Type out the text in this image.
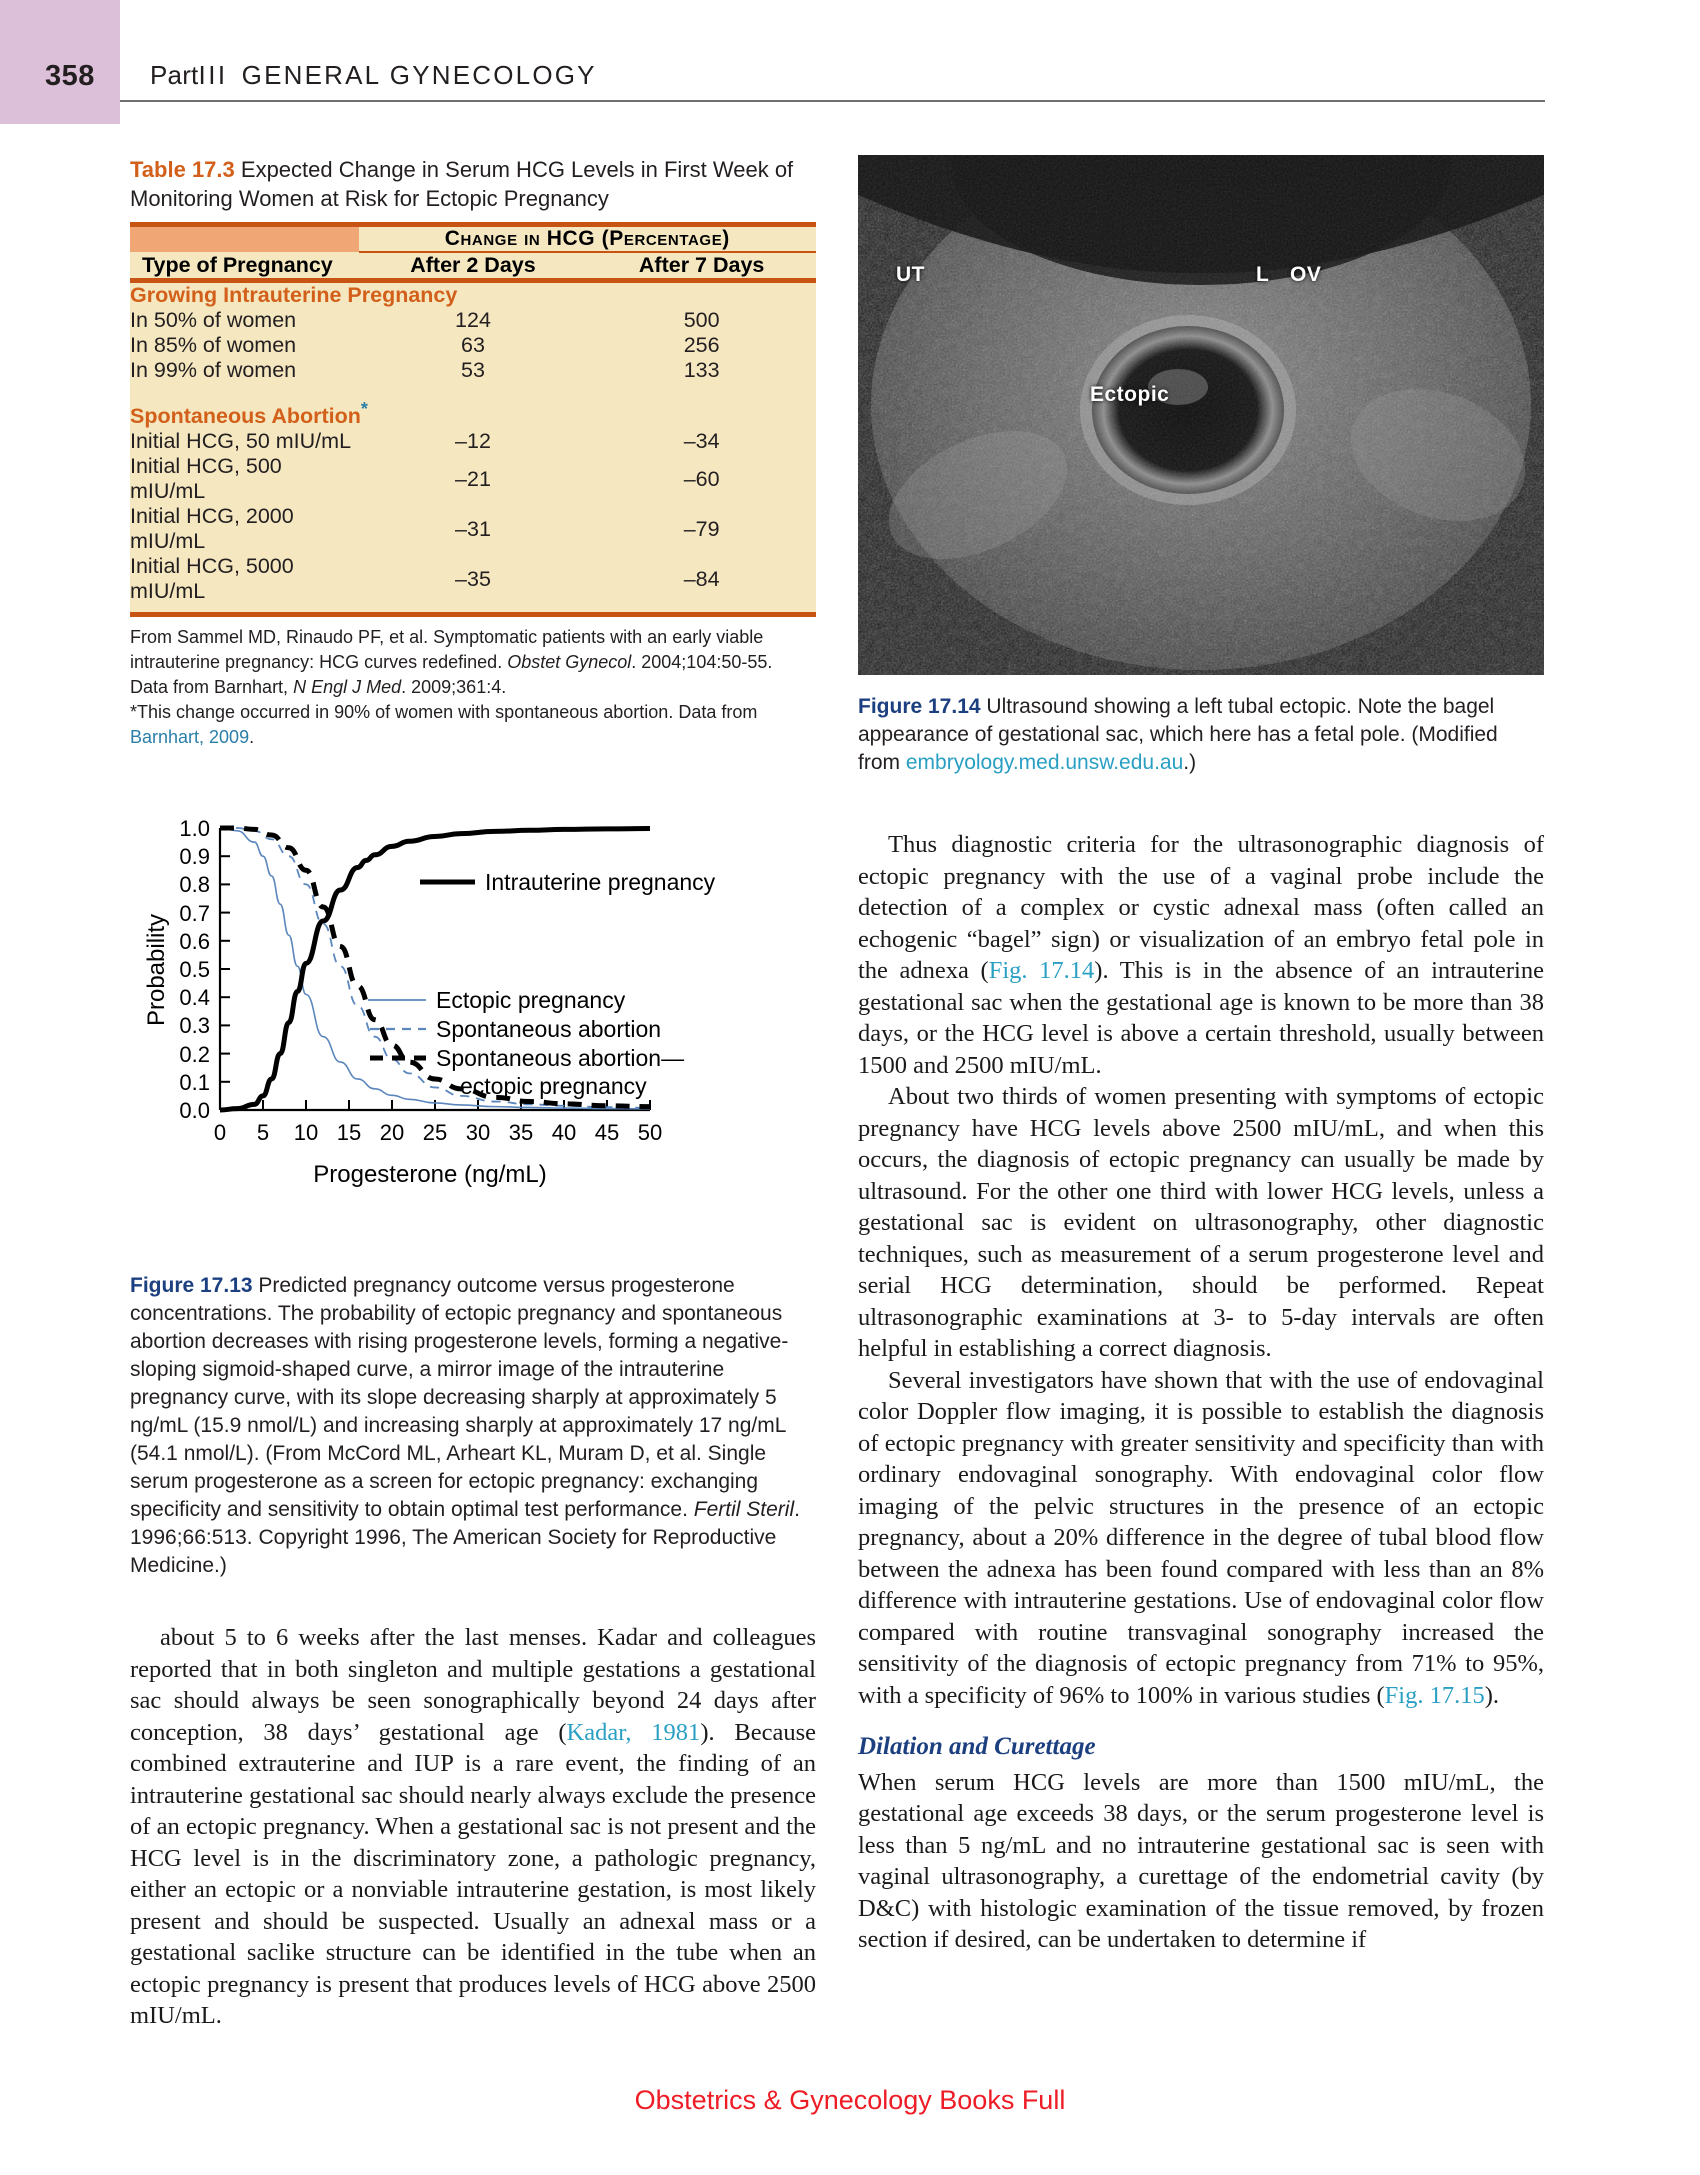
358 PartIII GENERAL GYNECOLOGY
Table 17.3 Expected Change in Serum HCG Levels in First Week of Monitoring Women at Risk for Ectopic Pregnancy

	Change in HCG (Percentage)	
Type of Pregnancy	After 2 Days	After 7 Days

Growing Intrauterine Pregnancy		
In 50% of women	124	500
In 85% of women	63	256
In 99% of women	53	133

Spontaneous Abortion*
Initial HCG, 50 mIU/mL	–12	–34
Initial HCG, 500 mIU/mL	–21	–60
Initial HCG, 2000 mIU/mL	–31	–79
Initial HCG, 5000 mIU/mL	–35	–84

From Sammel MD, Rinaudo PF, et al. Symptomatic patients with an early viable intrauterine pregnancy: HCG curves redefined. Obstet Gynecol. 2004;104:50-55.
Data from Barnhart, N Engl J Med. 2009;361:4.
*This change occurred in 90% of women with spontaneous abortion. Data from Barnhart, 2009.
0.0
0.1
0.2
0.3
0.4
0.5
0.6
0.7
0.8
0.9
1.0
0 5 10 15 20 25 30 35 40 45 50
Progesterone (ng/mL)
Probability
Intrauterine pregnancy
Ectopic pregnancy
Spontaneous abortion
Spontaneous abortion—
ectopic pregnancy
Figure 17.13 Predicted pregnancy outcome versus progesterone concentrations. The probability of ectopic pregnancy and spontaneous abortion decreases with rising progesterone levels, forming a negative-sloping sigmoid-shaped curve, a mirror image of the intrauterine pregnancy curve, with its slope decreasing sharply at approximately 5 ng/mL (15.9 nmol/L) and increasing sharply at approximately 17 ng/mL (54.1 nmol/L). (From McCord ML, Arheart KL, Muram D, et al. Single serum progesterone as a screen for ectopic pregnancy: exchanging specificity and sensitivity to obtain optimal test performance. Fertil Steril. 1996;66:513. Copyright 1996, The American Society for Reproductive Medicine.)

about 5 to 6 weeks after the last menses. Kadar and colleagues reported that in both singleton and multiple gestations a gestational sac should always be seen sonographically beyond 24 days after conception, 38 days’ gestational age (Kadar, 1981). Because combined extrauterine and IUP is a rare event, the finding of an intrauterine gestational sac should nearly always exclude the presence of an ectopic pregnancy. When a gestational sac is not present and the HCG level is in the discriminatory zone, a pathologic pregnancy, either an ectopic or a nonviable intrauterine gestation, is most likely present and should be suspected. Usually an adnexal mass or a gestational saclike structure can be identified in the tube when an ectopic pregnancy is present that produces levels of HCG above 2500 mIU/mL.

UT	L OV
Ectopic
Figure 17.14 Ultrasound showing a left tubal ectopic. Note the bagel appearance of gestational sac, which here has a fetal pole. (Modified from embryology.med.unsw.edu.au.)

Thus diagnostic criteria for the ultrasonographic diagnosis of ectopic pregnancy with the use of a vaginal probe include the detection of a complex or cystic adnexal mass (often called an echogenic “bagel” sign) or visualization of an embryo fetal pole in the adnexa (Fig. 17.14). This is in the absence of an intrauterine gestational sac when the gestational age is known to be more than 38 days, or the HCG level is above a certain threshold, usually between 1500 and 2500 mIU/mL.

About two thirds of women presenting with symptoms of ectopic pregnancy have HCG levels above 2500 mIU/mL, and when this occurs, the diagnosis of ectopic pregnancy can usually be made by ultrasound. For the other one third with lower HCG levels, unless a gestational sac is evident on ultrasonography, other diagnostic techniques, such as measurement of a serum progesterone level and serial HCG determination, should be performed. Repeat ultrasonographic examinations at 3- to 5-day intervals are often helpful in establishing a correct diagnosis.

Several investigators have shown that with the use of endovaginal color Doppler flow imaging, it is possible to establish the diagnosis of ectopic pregnancy with greater sensitivity and specificity than with ordinary endovaginal sonography. With endovaginal color flow imaging of the pelvic structures in the presence of an ectopic pregnancy, about a 20% difference in the degree of tubal blood flow between the adnexa has been found compared with less than an 8% difference with intrauterine gestations. Use of endovaginal color flow compared with routine transvaginal sonography increased the sensitivity of the diagnosis of ectopic pregnancy from 71% to 95%, with a specificity of 96% to 100% in various studies (Fig. 17.15).

Dilation and Curettage

When serum HCG levels are more than 1500 mIU/mL, the gestational age exceeds 38 days, or the serum progesterone level is less than 5 ng/mL and no intrauterine gestational sac is seen with vaginal ultrasonography, a curettage of the endometrial cavity (by D&C) with histologic examination of the tissue removed, by frozen section if desired, can be undertaken to determine if

Obstetrics & Gynecology Books Full
